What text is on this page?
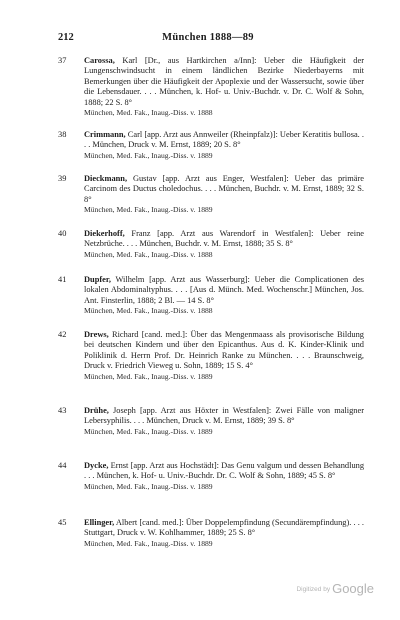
212	München 1888—89
37	Carossa, Karl [Dr., aus Hartkirchen a/Inn]: Ueber die Häufigkeit der Lungenschwindsucht in einem ländlichen Bezirke Niederbayerns mit Bemerkungen über die Häufigkeit der Apoplexie und der Wassersucht, sowie über die Lebensdauer. . . . München, k. Hof- u. Univ.-Buchdr. v. Dr. C. Wolf & Sohn, 1888; 22 S. 8°
München, Med. Fak., Inaug.-Diss. v. 1888
38	Crimmann, Carl [app. Arzt aus Annweiler (Rheinpfalz)]: Ueber Keratitis bullosa. . . . München, Druck v. M. Ernst, 1889; 20 S. 8°
München, Med. Fak., Inaug.-Diss. v. 1889
39	Dieckmann, Gustav [app. Arzt aus Enger, Westfalen]: Ueber das primäre Carcinom des Ductus choledochus. . . . München, Buchdr. v. M. Ernst, 1889; 32 S. 8°
München, Med. Fak., Inaug.-Diss. v. 1889
40	Diekerhoff, Franz [app. Arzt aus Warendorf in Westfalen]: Ueber reine Netzbrüche. . . . München, Buchdr. v. M. Ernst, 1888; 35 S. 8°
München, Med. Fak., Inaug.-Diss. v. 1888
41	Dupfer, Wilhelm [app. Arzt aus Wasserburg]: Ueber die Complicationen des lokalen Abdominaltyphus. . . . [Aus d. Münch. Med. Wochenschr.] München, Jos. Ant. Finsterlin, 1888; 2 Bl. — 14 S. 8°
München, Med. Fak., Inaug.-Diss. v. 1888
42	Drews, Richard [cand. med.]: Über das Mengenmaass als provisorische Bildung bei deutschen Kindern und über den Epicanthus. Aus d. K. Kinder-Klinik und Poliklinik d. Herrn Prof. Dr. Heinrich Ranke zu München. . . . Braunschweig, Druck v. Friedrich Vieweg u. Sohn, 1889; 15 S. 4°
München, Med. Fak., Inaug.-Diss. v. 1889
43	Drühe, Joseph [app. Arzt aus Höxter in Westfalen]: Zwei Fälle von maligner Lebersyphilis. . . . München, Druck v. M. Ernst, 1889; 39 S. 8°
München, Med. Fak., Inaug.-Diss. v. 1889
44	Dycke, Ernst [app. Arzt aus Hochstädt]: Das Genu valgum und dessen Behandlung . . . München, k. Hof- u. Univ.-Buchdr. Dr. C. Wolf & Sohn, 1889; 45 S. 8°
München, Med. Fak., Inaug.-Diss. v. 1889
45	Ellinger, Albert [cand. med.]: Über Doppelempfindung (Secundärempfindung). . . . Stuttgart, Druck v. W. Kohlhammer, 1889; 25 S. 8°
München, Med. Fak., Inaug.-Diss. v. 1889
Digitized by Google
